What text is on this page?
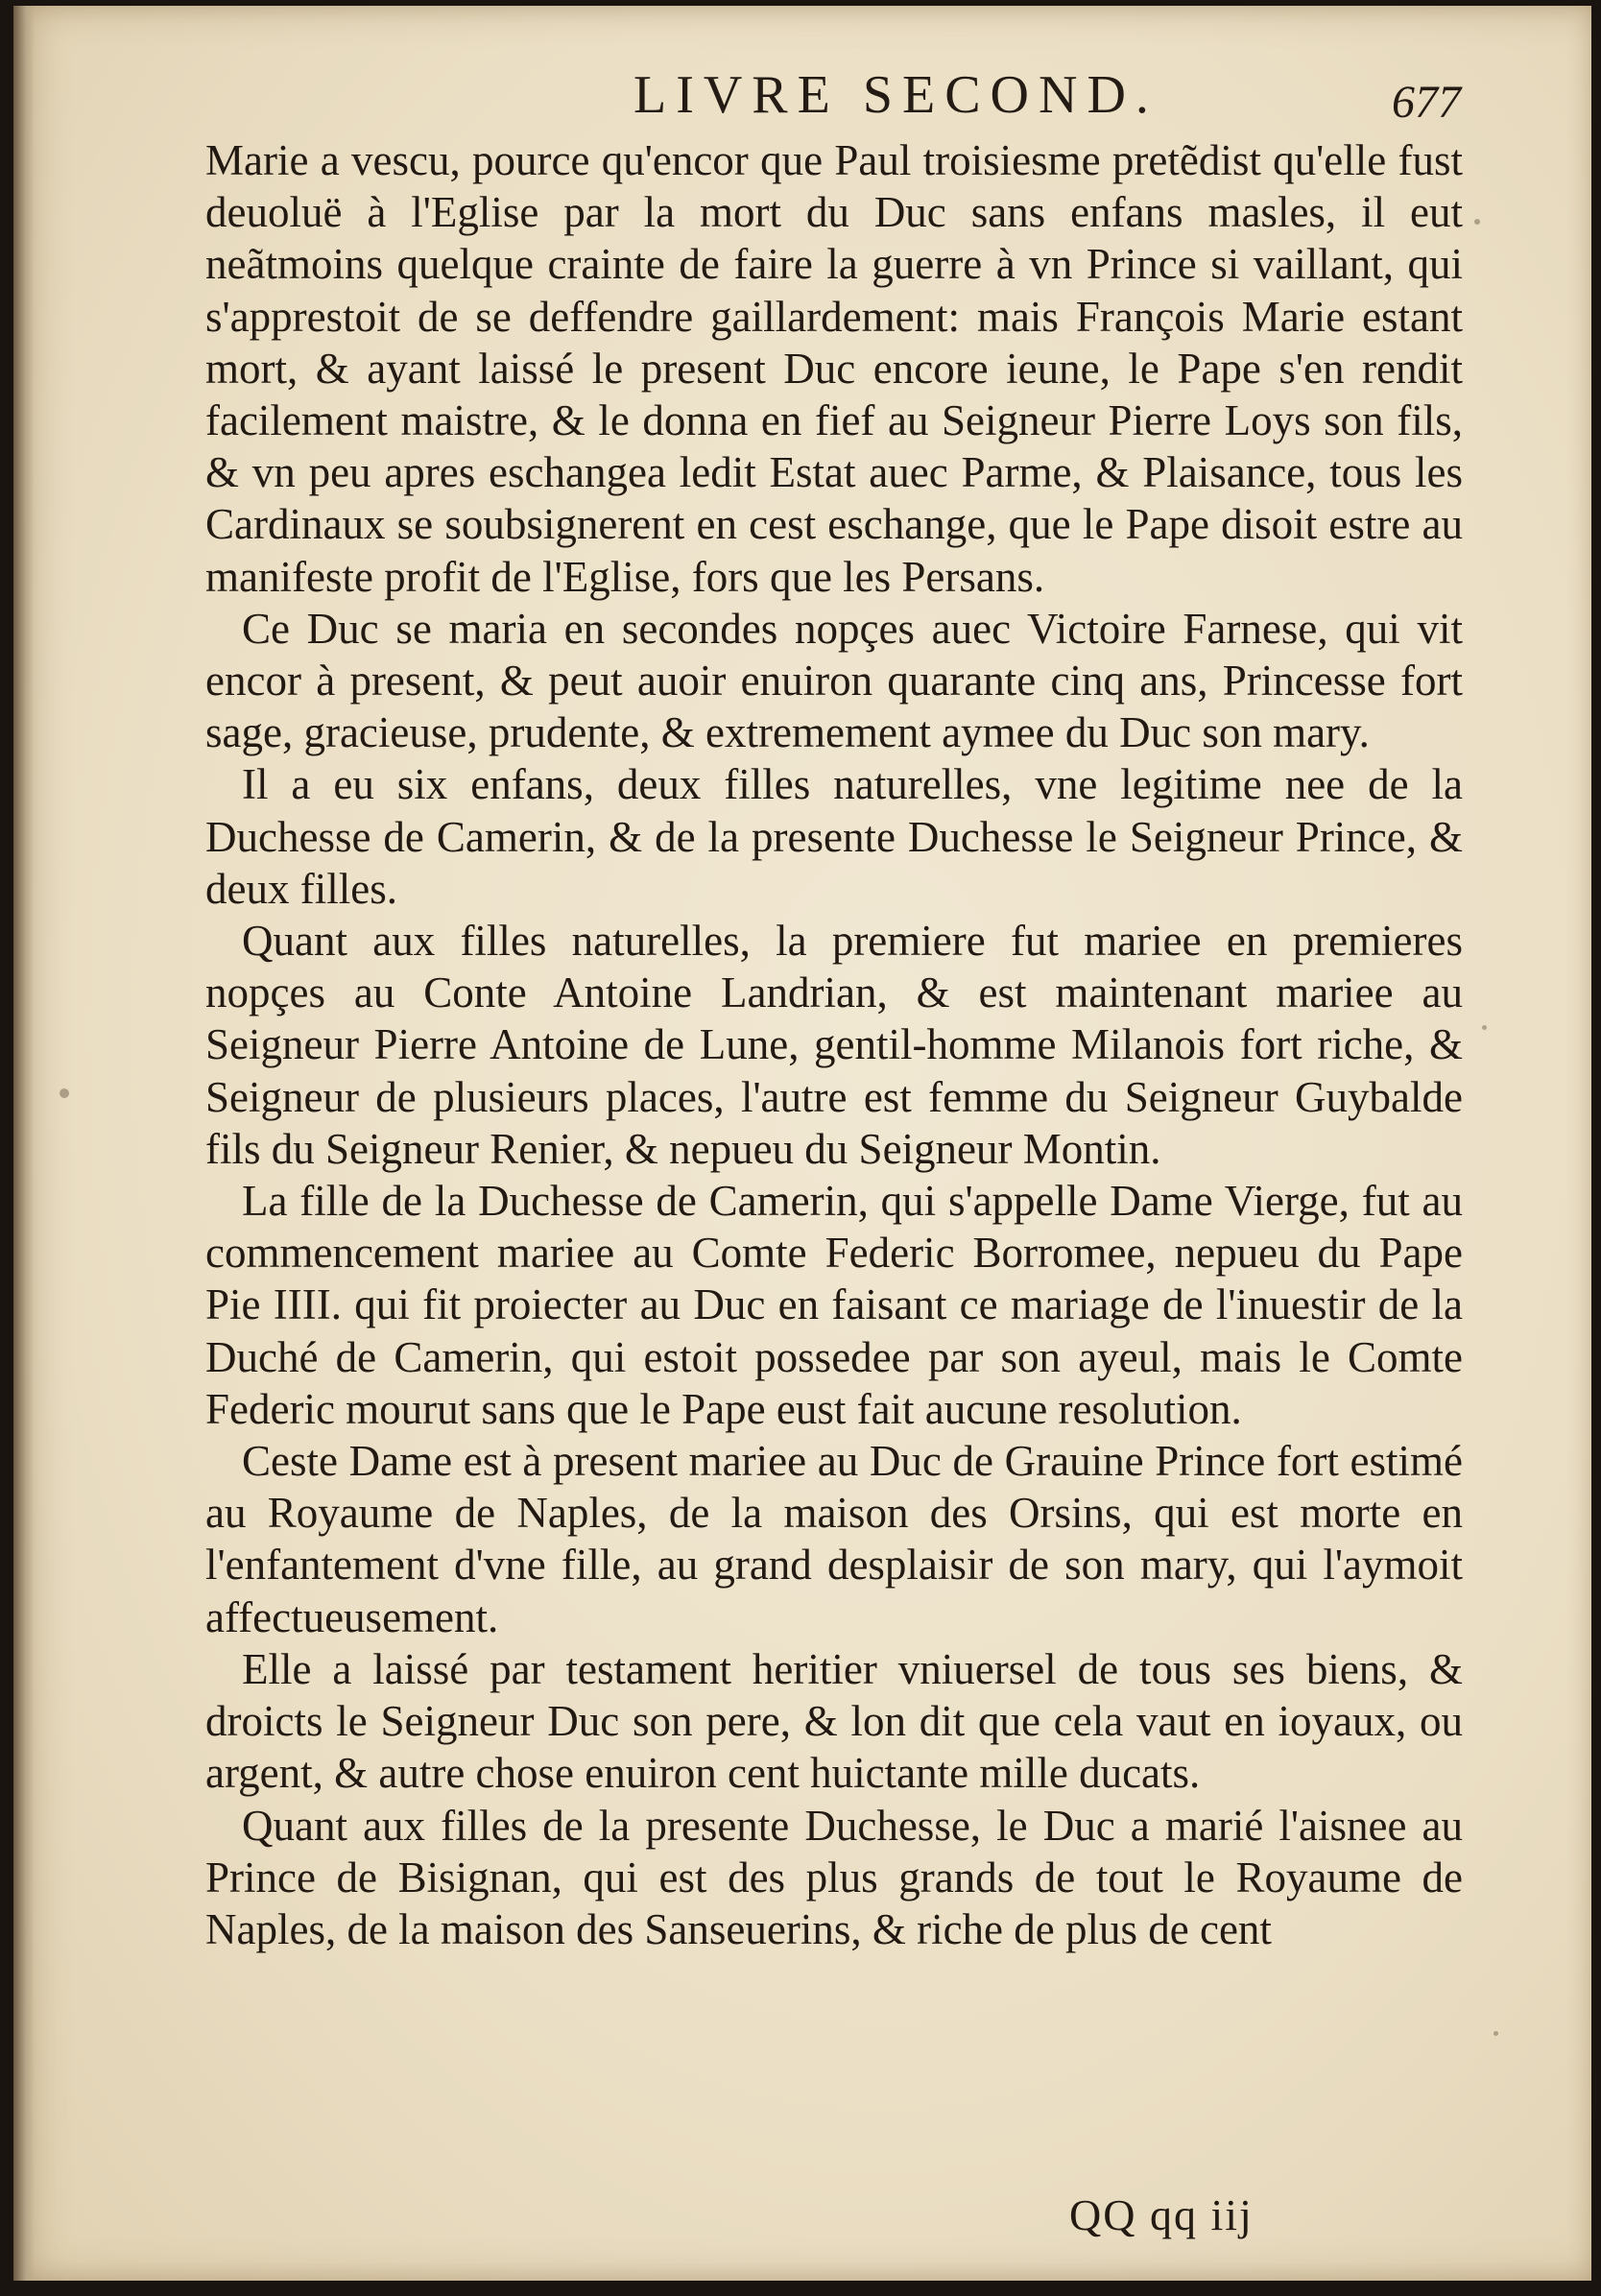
LIVRE SECOND.	677

Marie a vescu, pource qu'encor que Paul troisiesme pretẽdist qu'elle fust deuoluë à l'Eglise par la mort du Duc sans enfans masles, il eut neãtmoins quelque crainte de faire la guerre à vn Prince si vaillant, qui s'apprestoit de se deffendre gaillardement: mais François Marie estant mort, & ayant laissé le present Duc encore ieune, le Pape s'en rendit facilement maistre, & le donna en fief au Seigneur Pierre Loys son fils, & vn peu apres eschangea ledit Estat auec Parme, & Plaisance, tous les Cardinaux se soubsignerent en cest eschange, que le Pape disoit estre au manifeste profit de l'Eglise, fors que les Persans.

Ce Duc se maria en secondes nopçes auec Victoire Farnese, qui vit encor à present, & peut auoir enuiron quarante cinq ans, Princesse fort sage, gracieuse, prudente, & extremement aymee du Duc son mary.

Il a eu six enfans, deux filles naturelles, vne legitime nee de la Duchesse de Camerin, & de la presente Duchesse le Seigneur Prince, & deux filles.

Quant aux filles naturelles, la premiere fut mariee en premieres nopçes au Conte Antoine Landrian, & est maintenant mariee au Seigneur Pierre Antoine de Lune, gentil-homme Milanois fort riche, & Seigneur de plusieurs places, l'autre est femme du Seigneur Guybalde fils du Seigneur Renier, & nepueu du Seigneur Montin.

La fille de la Duchesse de Camerin, qui s'appelle Dame Vierge, fut au commencement mariee au Comte Federic Borromee, nepueu du Pape Pie IIII. qui fit proiecter au Duc en faisant ce mariage de l'inuestir de la Duché de Camerin, qui estoit possedee par son ayeul, mais le Comte Federic mourut sans que le Pape eust fait aucune resolution.

Ceste Dame est à present mariee au Duc de Grauine Prince fort estimé au Royaume de Naples, de la maison des Orsins, qui est morte en l'enfantement d'vne fille, au grand desplaisir de son mary, qui l'aymoit affectueusement.

Elle a laissé par testament heritier vniuersel de tous ses biens, & droicts le Seigneur Duc son pere, & lon dit que cela vaut en ioyaux, ou argent, & autre chose enuiron cent huictante mille ducats.

Quant aux filles de la presente Duchesse, le Duc a marié l'aisnee au Prince de Bisignan, qui est des plus grands de tout le Royaume de Naples, de la maison des Sanseuerins, & riche de plus de cent

QQ qq iij
